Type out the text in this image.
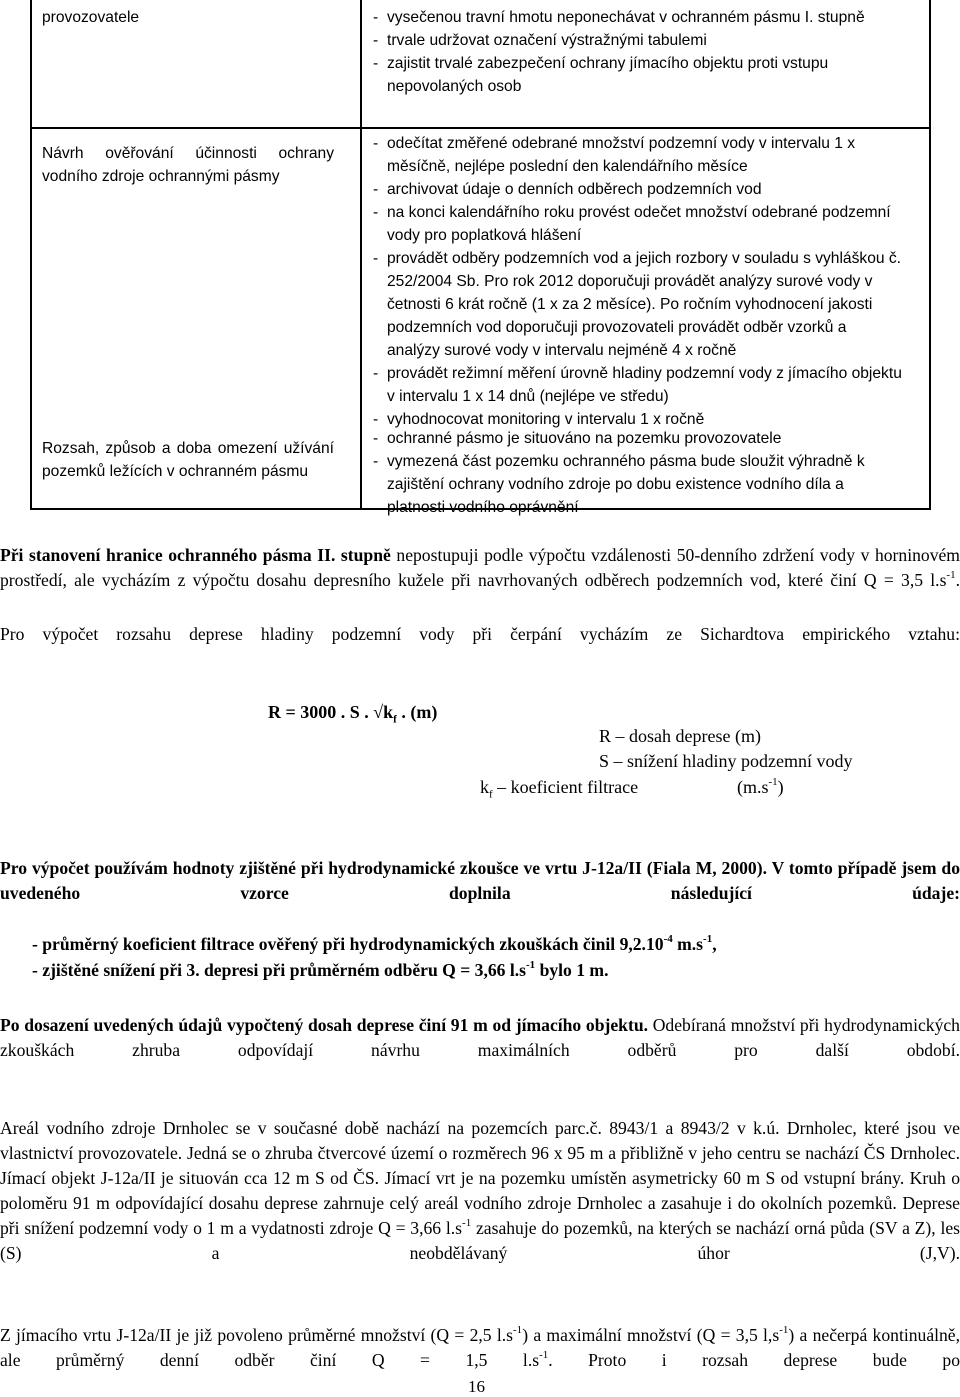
provozovatele	- vysečenou travní hmotu neponechávat v ochranném pásmu I. stupně
- trvale udržovat označení výstražnými tabulemi
- zajistit trvalé zabezpečení ochrany jímacího objektu proti vstupu nepovolaných osob
Návrh ověřování účinnosti ochrany vodního zdroje ochrannými pásmy
- odečítat změřené odebrané množství podzemní vody v intervalu 1 x měsíčně, nejlépe poslední den kalendářního měsíce
- archivovat údaje o denních odběrech podzemních vod
- na konci kalendářního roku provést odečet množství odebrané podzemní vody pro poplatková hlášení
- provádět odběry podzemních vod a jejich rozbory v souladu s vyhláškou č. 252/2004 Sb. Pro rok 2012 doporučuji provádět analýzy surové vody v četnosti 6 krát ročně (1 x za 2 měsíce). Po ročním vyhodnocení jakosti podzemních vod doporučuji provozovateli provádět odběr vzorků a analýzy surové vody v intervalu nejméně 4 x ročně
- provádět režimní měření úrovně hladiny podzemní vody z jímacího objektu v intervalu 1 x 14 dnů (nejlépe ve středu)
- vyhodnocovat monitoring v intervalu 1 x ročně
Rozsah, způsob a doba omezení užívání pozemků ležících v ochranném pásmu
- ochranné pásmo je situováno na pozemku provozovatele
- vymezená část pozemku ochranného pásma bude sloužit výhradně k zajištění ochrany vodního zdroje po dobu existence vodního díla a platnosti vodního oprávnění
Při stanovení hranice ochranného pásma II. stupně nepostupuji podle výpočtu vzdálenosti 50-denního zdržení vody v horninovém prostředí, ale vycházím z výpočtu dosahu depresního kužele při navrhovaných odběrech podzemních vod, které činí Q = 3,5 $l.s^{-1}$.
Pro výpočet rozsahu deprese hladiny podzemní vody při čerpání vycházím ze Sichardtova empirického vztahu:
R = 3000 . S . $√k_f$ . (m)
R – dosah deprese (m)
S – snížení hladiny podzemní vody
$k_f$ – koeficient filtrace	$(m.s^{-1})$
Pro výpočet používám hodnoty zjištěné při hydrodynamické zkoušce ve vrtu J-12a/II (Fiala M, 2000). V tomto případě jsem do uvedeného vzorce doplnila následující údaje:
- průměrný koeficient filtrace ověřený při hydrodynamických zkouškách činil $9,2.10^{-4}$ $m.s^{-1}$,
- zjištěné snížení při 3. depresi při průměrném odběru Q = 3,66 $l.s^{-1}$ bylo 1 m.
Po dosazení uvedených údajů vypočtený dosah deprese činí 91 m od jímacího objektu. Odebíraná množství při hydrodynamických zkouškách zhruba odpovídají návrhu maximálních odběrů pro další období.
Areál vodního zdroje Drnholec se v současné době nachází na pozemcích parc.č. 8943/1 a 8943/2 v k.ú. Drnholec, které jsou ve vlastnictví provozovatele. Jedná se o zhruba čtvercové území o rozměrech 96 x 95 m a přibližně v jeho centru se nachází ČS Drnholec. Jímací objekt J-12a/II je situován cca 12 m S od ČS. Jímací vrt je na pozemku umístěn asymetricky 60 m S od vstupní brány. Kruh o poloměru 91 m odpovídající dosahu deprese zahrnuje celý areál vodního zdroje Drnholec a zasahuje i do okolních pozemků. Deprese při snížení podzemní vody o 1 m a vydatnosti zdroje Q = 3,66 $l.s^{-1}$ zasahuje do pozemků, na kterých se nachází orná půda (SV a Z), les (S) a neobdělávaný úhor (J,V).
Z jímacího vrtu J-12a/II je již povoleno průměrné množství (Q = 2,5 $l.s^{-1}$) a maximální množství (Q = 3,5 $l,s^{-1}$) a nečerpá kontinuálně, ale průměrný denní odběr činí Q = 1,5 $l.s^{-1}$. Proto i rozsah deprese bude po
16
